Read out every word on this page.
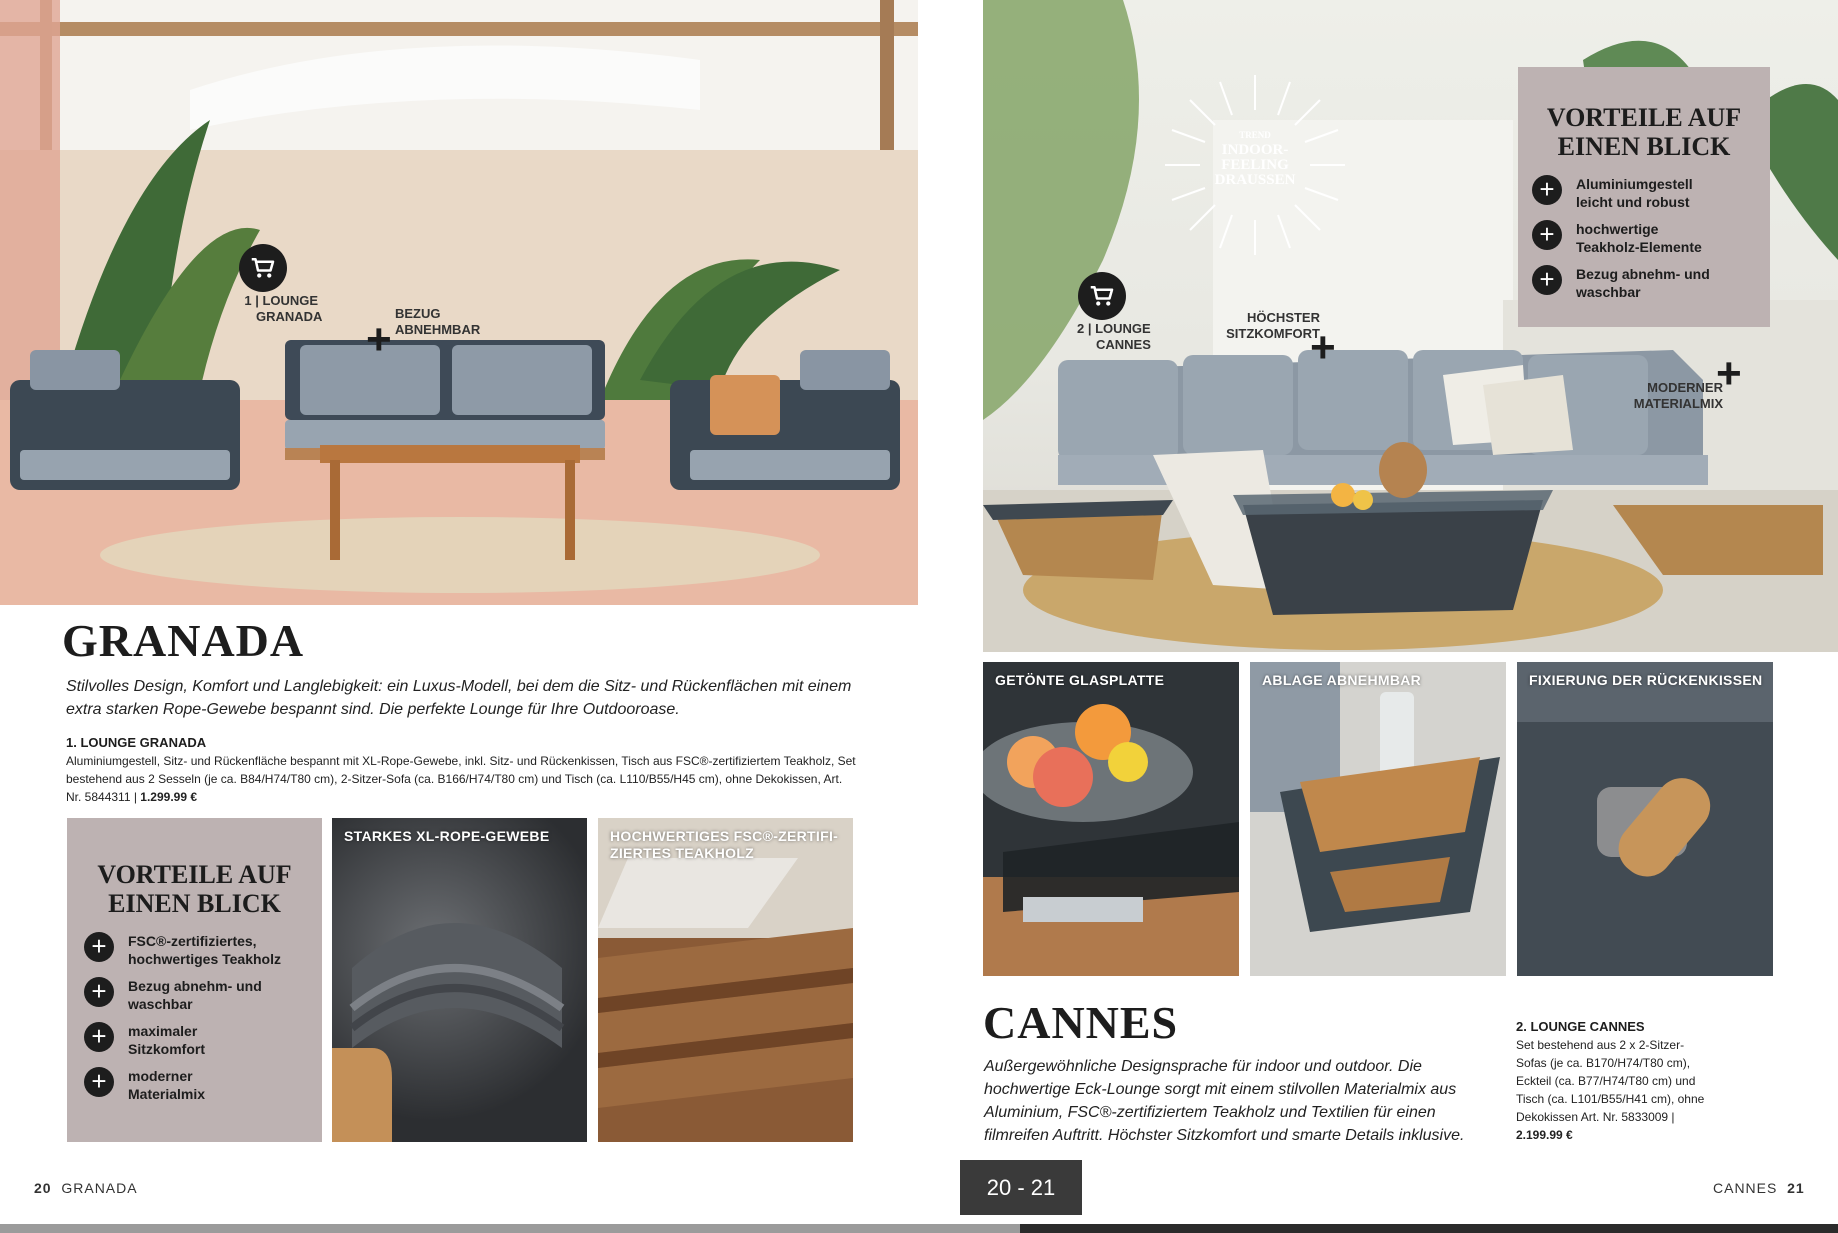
1 | LOUNGE
GRANADA +
BEZUG
ABNEHMBAR
GRANADA
Stilvolles Design, Komfort und Langlebigkeit: ein Luxus-Modell, bei dem die Sitz- und Rückenflächen mit einem extra starken Rope-Gewebe bespannt sind. Die perfekte Lounge für Ihre Outdooroase.
1. LOUNGE GRANADA
Aluminiumgestell, Sitz- und Rückenfläche bespannt mit XL-Rope-Gewebe, inkl. Sitz- und Rückenkissen, Tisch aus FSC®-zertifiziertem Teakholz, Set bestehend aus 2 Sesseln (je ca. B84/H74/T80 cm), 2-Sitzer-Sofa (ca. B166/H74/T80 cm) und Tisch (ca. L110/B55/H45 cm), ohne Dekokissen, Art. Nr. 5844311 | 1.299.99 €
VORTEILE AUF
EINEN BLICK
+	FSC®-zertifiziertes,
hochwertiges Teakholz
+	Bezug abnehm- und
waschbar
+	maximaler
Sitzkomfort
+	moderner
Materialmix
STARKES XL-ROPE-GEWEBE	HOCHWERTIGES FSC®-ZERTIFI-
ZIERTES TEAKHOLZ
20 GRANADA
TREND
INDOOR-
FEELING
DRAUSSEN
2 | LOUNGE
CANNES
HÖCHSTER
SITZKOMFORT
+
MODERNER
MATERIALMIX
+
VORTEILE AUF
EINEN BLICK
+	Aluminiumgestell
leicht und robust
+	hochwertige
Teakholz-Elemente
+	Bezug abnehm- und
waschbar
GETÖNTE GLASPLATTE	ABLAGE ABNEHMBAR	FIXIERUNG DER RÜCKENKISSEN
CANNES
Außergewöhnliche Designsprache für indoor und outdoor. Die hochwertige Eck-Lounge sorgt mit einem stilvollen Materialmix aus Aluminium, FSC®-zertifiziertem Teakholz und Textilien für einen filmreifen Auftritt. Höchster Sitzkomfort und smarte Details inklusive.
2. LOUNGE CANNES
Set bestehend aus 2 x 2-Sitzer-Sofas (je ca. B170/H74/T80 cm), Eckteil (ca. B77/H74/T80 cm) und Tisch (ca. L101/B55/H41 cm), ohne Dekokissen Art. Nr. 5833009 | 2.199.99 €
CANNES 21
20 - 21
